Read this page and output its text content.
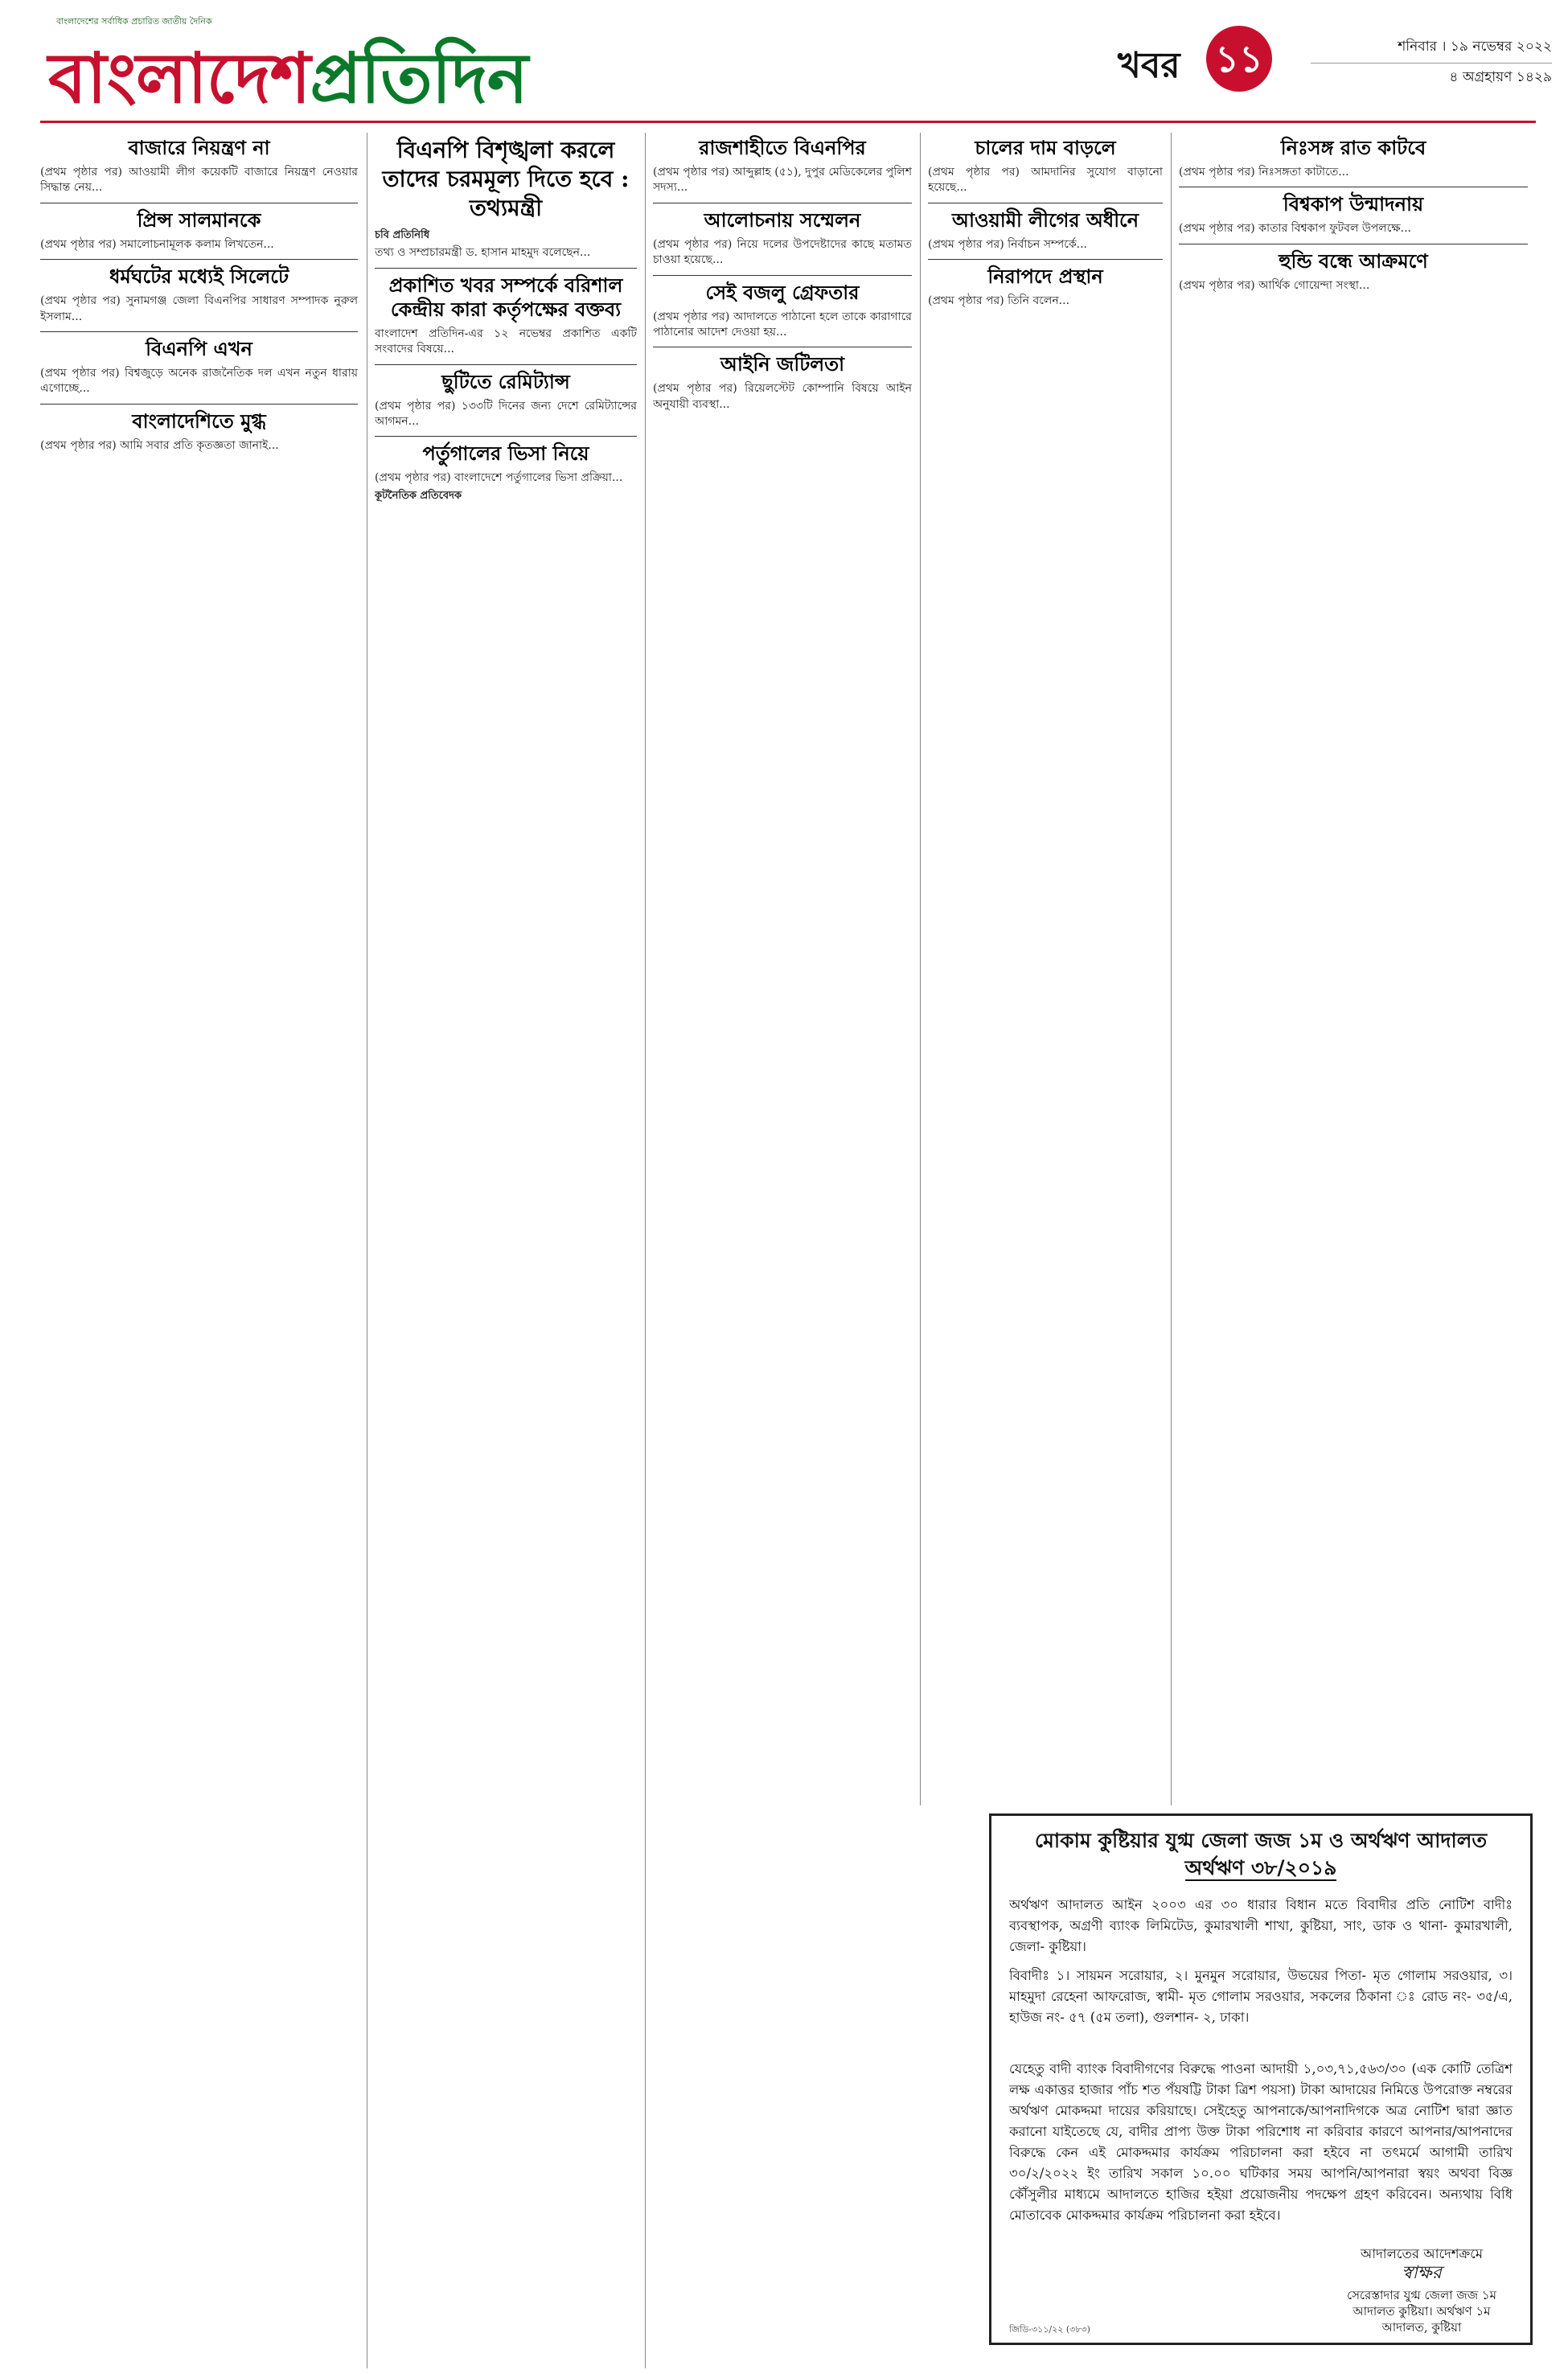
বাংলাদেশের সর্বাধিক প্রচারিত জাতীয় দৈনিক
বাংলাদেশপ্রতিদিন	খবর ১১	শনিবার । ১৯ নভেম্বর ২০২২
৪ অগ্রহায়ণ ১৪২৯
বাজারে নিয়ন্ত্রণ না

(প্রথম পৃষ্ঠার পর) আওয়ামী লীগ কয়েকটি বাজারে নিয়ন্ত্রণ নেওয়ার সিদ্ধান্ত নেয়...

প্রিন্স সালমানকে

(প্রথম পৃষ্ঠার পর) সমালোচনামূলক কলাম লিখতেন...

ধর্মঘটের মধ্যেই সিলেটে

(প্রথম পৃষ্ঠার পর) সুনামগঞ্জ জেলা বিএনপির সাধারণ সম্পাদক নুরুল ইসলাম...

বিএনপি এখন

(প্রথম পৃষ্ঠার পর) বিশ্বজুড়ে অনেক রাজনৈতিক দল এখন নতুন ধারায় এগোচ্ছে...

বাংলাদেশিতে মুগ্ধ

(প্রথম পৃষ্ঠার পর) আমি সবার প্রতি কৃতজ্ঞতা জানাই...

বিএনপি বিশৃঙ্খলা করলে তাদের চরমমূল্য দিতে হবে : তথ্যমন্ত্রী
চবি প্রতিনিধি

তথ্য ও সম্প্রচারমন্ত্রী ড. হাসান মাহমুদ বলেছেন...

প্রকাশিত খবর সম্পর্কে বরিশাল কেন্দ্রীয় কারা কর্তৃপক্ষের বক্তব্য

বাংলাদেশ প্রতিদিন-এর ১২ নভেম্বর প্রকাশিত একটি সংবাদের বিষয়ে...

ছুটিতে রেমিট্যান্স

(প্রথম পৃষ্ঠার পর) ১৩৩টি দিনের জন্য দেশে রেমিট্যান্সের আগমন...

পর্তুগালের ভিসা নিয়ে

(প্রথম পৃষ্ঠার পর) বাংলাদেশে পর্তুগালের ভিসা প্রক্রিয়া...

কূটনৈতিক প্রতিবেদক

রাজশাহীতে বিএনপির

(প্রথম পৃষ্ঠার পর) আব্দুল্লাহ (৫১), দুপুর মেডিকেলের পুলিশ সদস্য...

আলোচনায় সম্মেলন

(প্রথম পৃষ্ঠার পর) নিয়ে দলের উপদেষ্টাদের কাছে মতামত চাওয়া হয়েছে...

সেই বজলু গ্রেফতার

(প্রথম পৃষ্ঠার পর) আদালতে পাঠানো হলে তাকে কারাগারে পাঠানোর আদেশ দেওয়া হয়...

আইনি জটিলতা

(প্রথম পৃষ্ঠার পর) রিয়েলস্টেট কোম্পানি বিষয়ে আইন অনুযায়ী ব্যবস্থা...

চালের দাম বাড়লে

(প্রথম পৃষ্ঠার পর) আমদানির সুযোগ বাড়ানো হয়েছে...

আওয়ামী লীগের অধীনে

(প্রথম পৃষ্ঠার পর) নির্বাচন সম্পর্কে...

নিরাপদে প্রস্থান

(প্রথম পৃষ্ঠার পর) তিনি বলেন...

নিঃসঙ্গ রাত কাটবে

(প্রথম পৃষ্ঠার পর) নিঃসঙ্গতা কাটাতে...

বিশ্বকাপ উন্মাদনায়

(প্রথম পৃষ্ঠার পর) কাতার বিশ্বকাপ ফুটবল উপলক্ষে...

হুন্ডি বন্ধে আক্রমণে

(প্রথম পৃষ্ঠার পর) আর্থিক গোয়েন্দা সংস্থা...

মোকাম কুষ্টিয়ার যুগ্ম জেলা জজ ১ম ও অর্থঋণ আদালত
অর্থঋণ ৩৮/২০১৯
অর্থঋণ আদালত আইন ২০০৩ এর ৩০ ধারার বিধান মতে বিবাদীর প্রতি নোটিশ বাদীঃ ব্যবস্থাপক, অগ্রণী ব্যাংক লিমিটেড, কুমারখালী শাখা, কুষ্টিয়া, সাং, ডাক ও থানা- কুমারখালী, জেলা- কুষ্টিয়া।
বিবাদীঃ ১। সায়মন সরোয়ার, ২। মুনমুন সরোয়ার, উভয়ের পিতা- মৃত গোলাম সরওয়ার, ৩। মাহমুদা রেহেনা আফরোজ, স্বামী- মৃত গোলাম সরওয়ার, সকলের ঠিকানা ঃ রোড নং- ৩৫/এ, হাউজ নং- ৫৭ (৫ম তলা), গুলশান- ২, ঢাকা।
যেহেতু বাদী ব্যাংক বিবাদীগণের বিরুদ্ধে পাওনা আদায়ী ১,০৩,৭১,৫৬৩/৩০ (এক কোটি তেত্রিশ লক্ষ একাত্তর হাজার পাঁচ শত পঁয়ষট্টি টাকা ত্রিশ পয়সা) টাকা আদায়ের নিমিত্তে উপরোক্ত নম্বরের অর্থঋণ মোকদ্দমা দায়ের করিয়াছে। সেইহেতু আপনাকে/আপনাদিগকে অত্র নোটিশ দ্বারা জ্ঞাত করানো যাইতেছে যে, বাদীর প্রাপ্য উক্ত টাকা পরিশোধ না করিবার কারণে আপনার/আপনাদের বিরুদ্ধে কেন এই মোকদ্দমার কার্যক্রম পরিচালনা করা হইবে না তৎমর্মে আগামী তারিখ ৩০/২/২০২২ ইং তারিখ সকাল ১০.০০ ঘটিকার সময় আপনি/আপনারা স্বয়ং অথবা বিজ্ঞ কৌঁসুলীর মাধ্যমে আদালতে হাজির হইয়া প্রয়োজনীয় পদক্ষেপ গ্রহণ করিবেন। অন্যথায় বিধি মোতাবেক মোকদ্দমার কার্যক্রম পরিচালনা করা হইবে।
আদালতের আদেশক্রমে
স্বাক্ষর
সেরেস্তাদার যুগ্ম জেলা জজ ১ম আদালত কুষ্টিয়া। অর্থঋণ ১ম আদালত, কুষ্টিয়া
জিডি-৩১১/২২ (৩৮৩)
